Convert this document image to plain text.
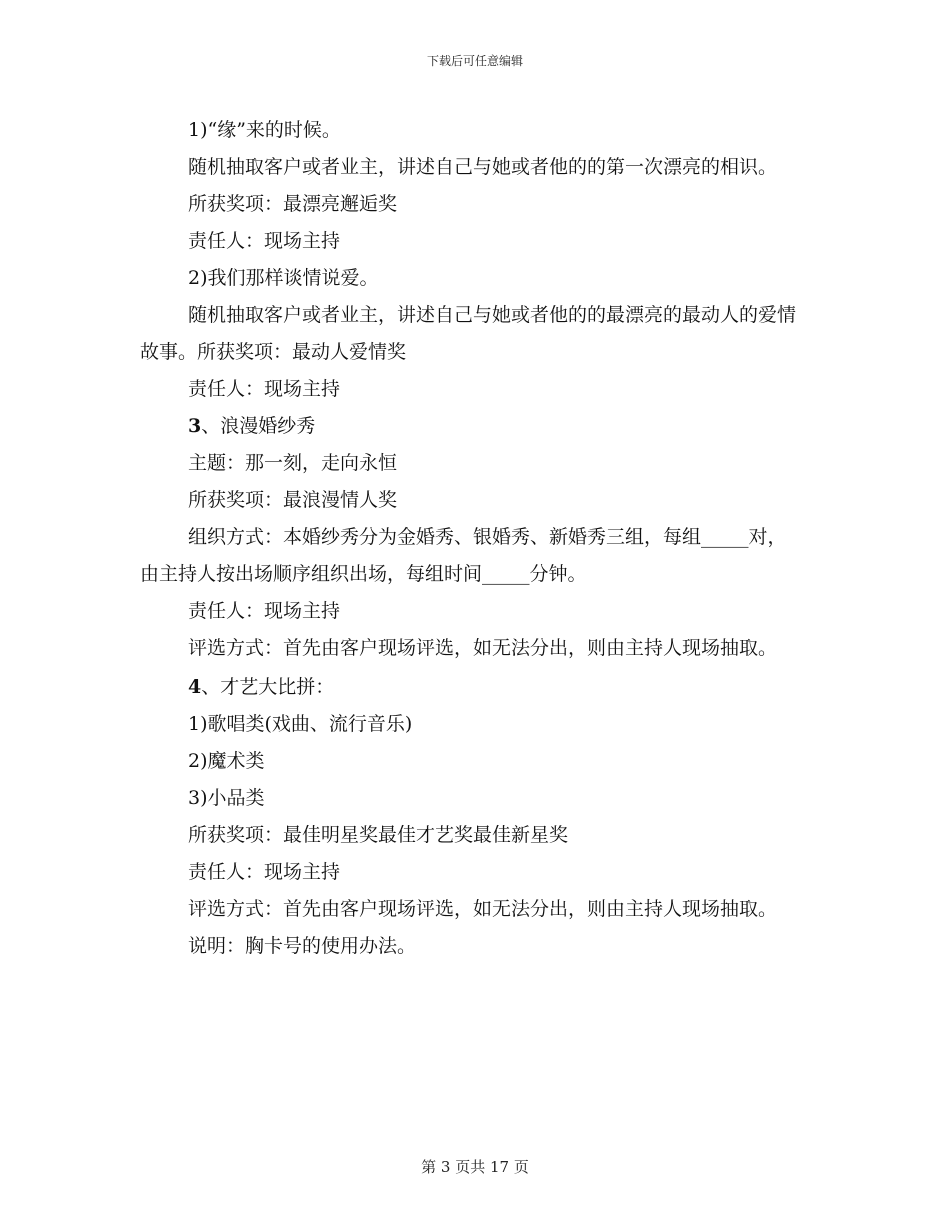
下载后可任意编辑

1)“缘”来的时候。

随机抽取客户或者业主，讲述自己与她或者他的的第一次漂亮的相识。

所获奖项：最漂亮邂逅奖

责任人：现场主持

2)我们那样谈情说爱。

随机抽取客户或者业主，讲述自己与她或者他的的最漂亮的最动人的爱情故事。所获奖项：最动人爱情奖

责任人：现场主持

3、浪漫婚纱秀

主题：那一刻，走向永恒

所获奖项：最浪漫情人奖

组织方式：本婚纱秀分为金婚秀、银婚秀、新婚秀三组，每组_____对，由主持人按出场顺序组织出场，每组时间_____分钟。

责任人：现场主持

评选方式：首先由客户现场评选，如无法分出，则由主持人现场抽取。

4、才艺大比拼：

1)歌唱类(戏曲、流行音乐)

2)魔术类

3)小品类

所获奖项：最佳明星奖最佳才艺奖最佳新星奖

责任人：现场主持

评选方式：首先由客户现场评选，如无法分出，则由主持人现场抽取。

说明：胸卡号的使用办法。

第 3 页共 17 页
